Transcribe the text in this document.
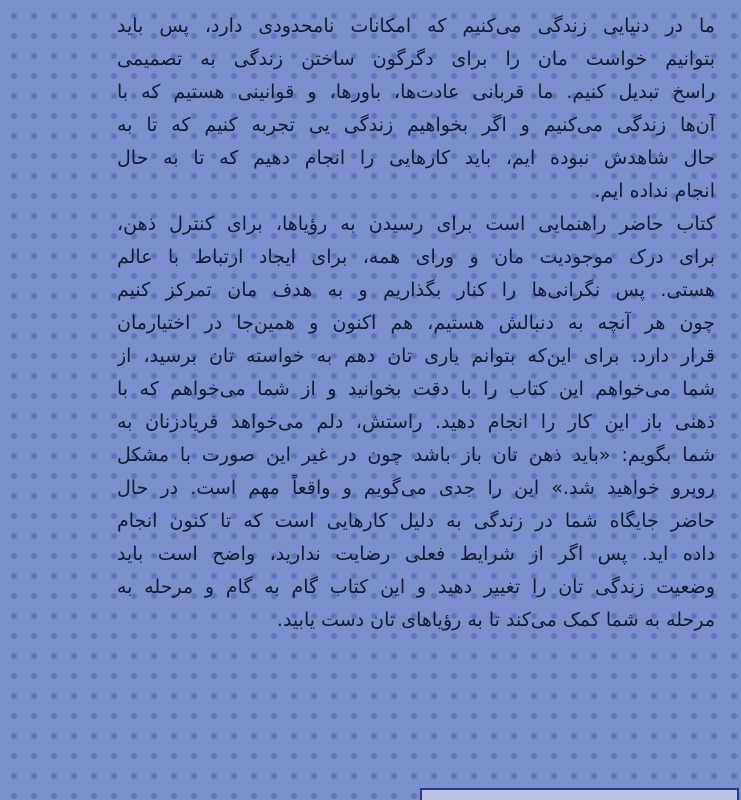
ما در دنیایی زندگی می‌کنیم که امکانات نامحدودی دارد، پس باید
بتوانیم خواست مان را برای دگرگون ساختن زندگی به تصمیمی
راسخ تبدیل کنیم. ما قربانی عادت‌ها، باورها، و قوانینی هستیم که با
آن‌ها زندگی می‌کنیم و اگر بخواهیم زندگی یی تجربه کنیم که تا به
حال شاهدش نبوده ایم، باید کارهایی را انجام دهیم که تا به حال
انجام نداده ایم.

کتاب حاضر راهنمایی است برای رسیدن به رؤیاها، برای کنترل ذهن،
برای درک موجودیت مان و ورای همه، برای ایجاد ارتباط با عالم
هستی. پس نگرانی‌ها را کنار بگذاریم و به هدف مان تمرکز کنیم
چون هر آنچه به دنبالش هستیم، هم اکنون و همین‌جا در اختیارمان
قرار دارد. برای این‌که بتوانم یاری تان دهم به خواسته تان برسید، از
شما می‌خواهم این کتاب را با دقت بخوانید و از شما می‌خواهم که با
ذهنی باز این کار را انجام دهید. راستش، دلم می‌خواهد فریادزنان به
شما بگویم: «باید ذهن تان باز باشد چون در غیر این صورت با مشکل
روبرو خواهید شد.» این را جدی می‌گویم و واقعاً مهم است. در حال
حاضر جایگاه شما در زندگی به دلیل کارهایی است که تا کنون انجام
داده اید. پس اگر از شرایط فعلی رضایت ندارید، واضح است باید
وضعیت زندگی تان را تغییر دهید و این کتاب گام به گام و مرحله به
مرحله به شما کمک می‌کند تا به رؤیاهای تان دست یابید.
